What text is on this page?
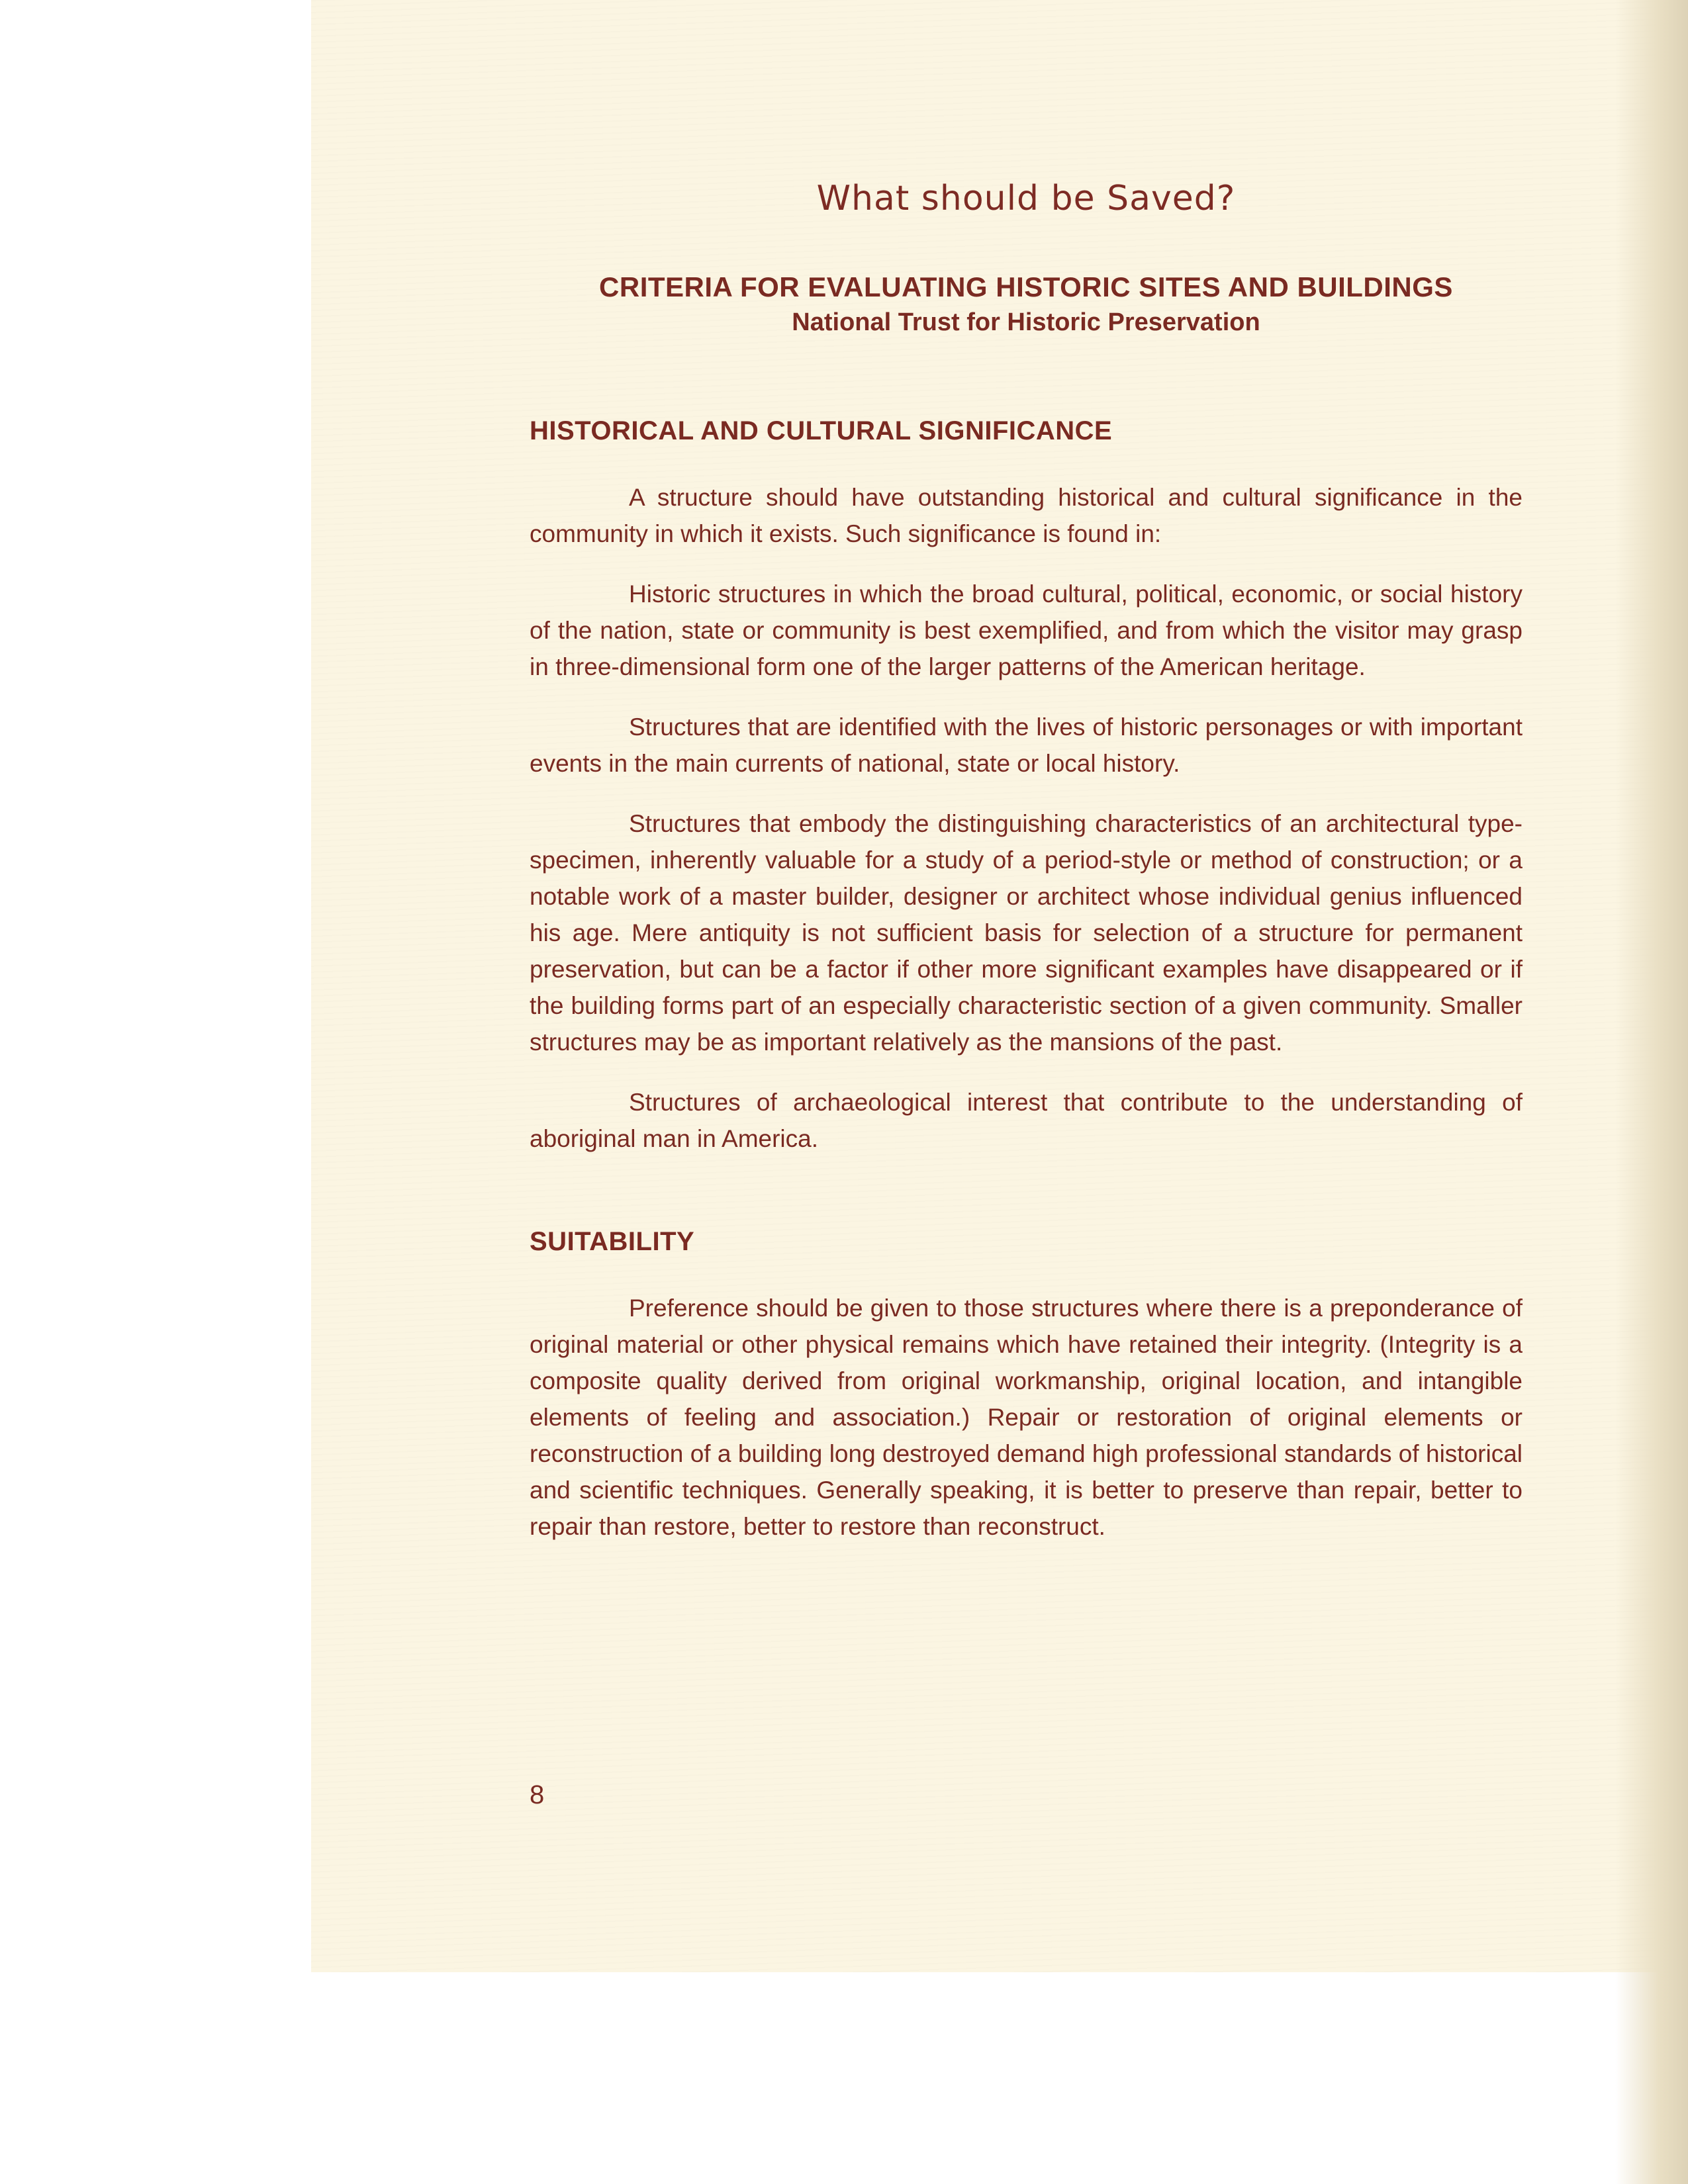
What should be Saved?
CRITERIA FOR EVALUATING HISTORIC SITES AND BUILDINGS
National Trust for Historic Preservation
HISTORICAL AND CULTURAL SIGNIFICANCE

A structure should have outstanding historical and cultural significance in the community in which it exists. Such significance is found in:

Historic structures in which the broad cultural, political, economic, or social history of the nation, state or community is best exemplified, and from which the visitor may grasp in three-dimensional form one of the larger patterns of the American heritage.

Structures that are identified with the lives of historic personages or with important events in the main currents of national, state or local history.

Structures that embody the distinguishing characteristics of an architectural type-specimen, inherently valuable for a study of a period-style or method of construction; or a notable work of a master builder, designer or architect whose individual genius influenced his age. Mere antiquity is not sufficient basis for selection of a structure for permanent preservation, but can be a factor if other more significant examples have disappeared or if the building forms part of an especially characteristic section of a given community. Smaller structures may be as important relatively as the mansions of the past.

Structures of archaeological interest that contribute to the understanding of aboriginal man in America.

SUITABILITY

Preference should be given to those structures where there is a preponderance of original material or other physical remains which have retained their integrity. (Integrity is a composite quality derived from original workmanship, original location, and intangible elements of feeling and association.) Repair or restoration of original elements or reconstruction of a building long destroyed demand high professional standards of historical and scientific techniques. Generally speaking, it is better to preserve than repair, better to repair than restore, better to restore than reconstruct.

8
